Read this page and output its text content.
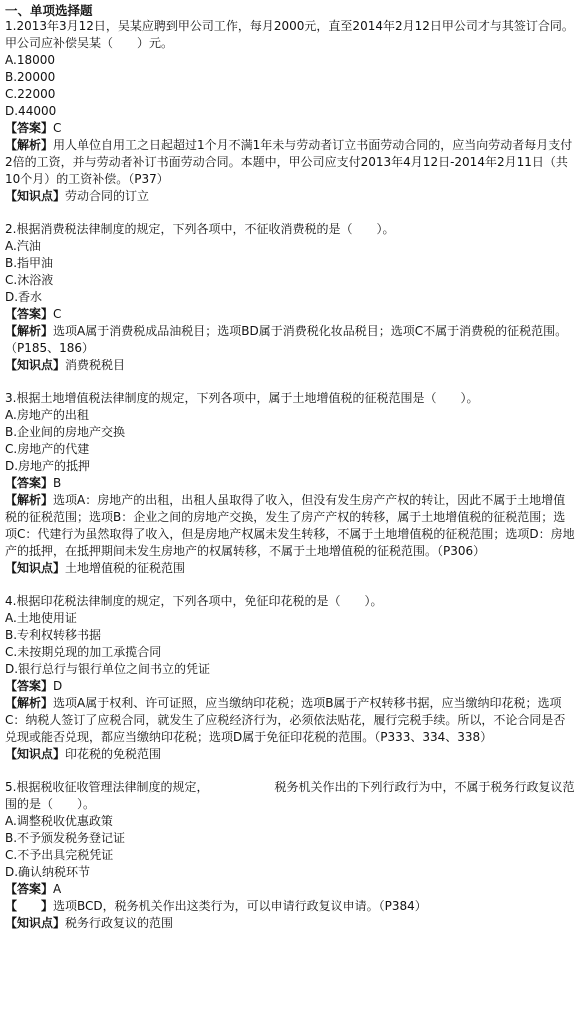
一、单项选择题

1.2013年3月12日，吴某应聘到甲公司工作，每月2000元，直至2014年2月12日甲公司才与其签订合同。甲公司应补偿吴某（　　）元。

A.18000

B.20000

C.22000

D.44000

【答案】C

【解析】用人单位自用工之日起超过1个月不满1年未与劳动者订立书面劳动合同的，应当向劳动者每月支付2倍的工资，并与劳动者补订书面劳动合同。本题中，甲公司应支付2013年4月12日-2014年2月11日（共10个月）的工资补偿。（P37）

【知识点】劳动合同的订立

2.根据消费税法律制度的规定，下列各项中，不征收消费税的是（　　）。

A.汽油

B.指甲油

C.沐浴液

D.香水

【答案】C

【解析】选项A属于消费税成品油税目；选项BD属于消费税化妆品税目；选项C不属于消费税的征税范围。（P185、186）

【知识点】消费税税目

3.根据土地增值税法律制度的规定，下列各项中，属于土地增值税的征税范围是（　　）。

A.房地产的出租

B.企业间的房地产交换

C.房地产的代建

D.房地产的抵押

【答案】B

【解析】选项A：房地产的出租，出租人虽取得了收入，但没有发生房产产权的转让，因此不属于土地增值税的征税范围；选项B：企业之间的房地产交换，发生了房产产权的转移，属于土地增值税的征税范围；选项C：代建行为虽然取得了收入，但是房地产权属未发生转移，不属于土地增值税的征税范围；选项D：房地产的抵押，在抵押期间未发生房地产的权属转移，不属于土地增值税的征税范围。（P306）

【知识点】土地增值税的征税范围

4.根据印花税法律制度的规定，下列各项中，免征印花税的是（　　）。

A.土地使用证

B.专利权转移书据

C.未按期兑现的加工承揽合同

D.银行总行与银行单位之间书立的凭证

【答案】D

【解析】选项A属于权利、许可证照，应当缴纳印花税；选项B属于产权转移书据，应当缴纳印花税；选项C：纳税人签订了应税合同，就发生了应税经济行为，必须依法贴花，履行完税手续。所以，不论合同是否兑现或能否兑现，都应当缴纳印花税；选项D属于免征印花税的范围。（P333、334、338）

【知识点】印花税的免税范围

5.根据税收征收管理法律制度的规定，　　　　　　税务机关作出的下列行政行为中，不属于税务行政复议范围的是（　　）。

A.调整税收优惠政策

B.不予颁发税务登记证

C.不予出具完税凭证

D.确认纳税环节

【答案】A

【　　】选项BCD，税务机关作出这类行为，可以申请行政复议申请。（P384）

【知识点】税务行政复议的范围
